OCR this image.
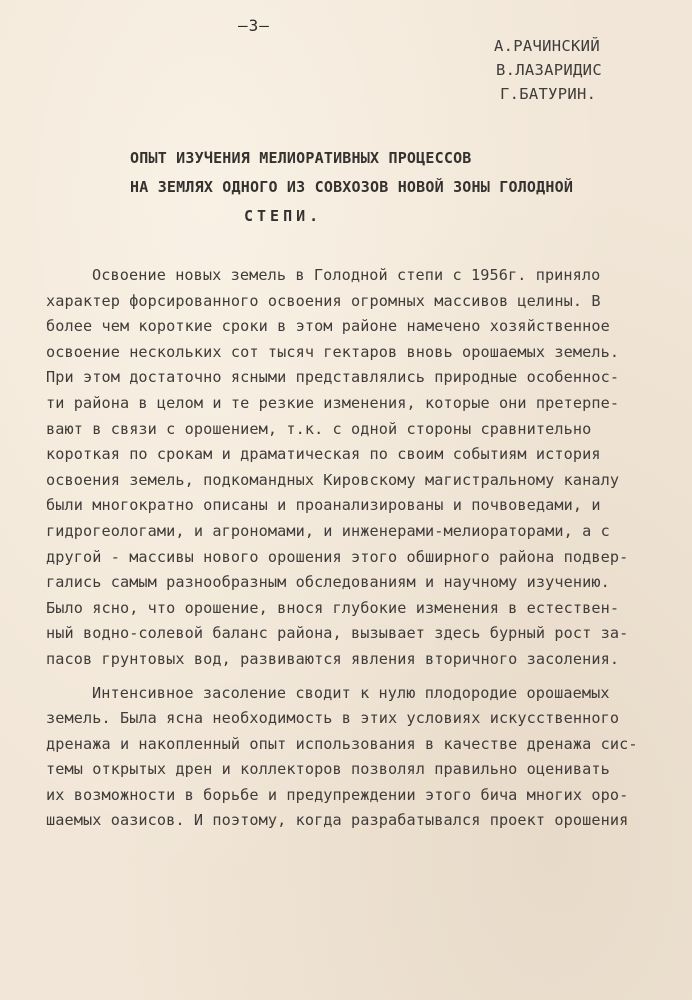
—3—
А.РАЧИНСКИЙ
В.ЛАЗАРИДИС
Г.БАТУРИН.
ОПЫТ ИЗУЧЕНИЯ МЕЛИОРАТИВНЫХ ПРОЦЕССОВ
НА ЗЕМЛЯХ ОДНОГО ИЗ СОВХОЗОВ НОВОЙ ЗОНЫ ГОЛОДНОЙ
СТЕПИ.
Освоение новых земель в Голодной степи с 1956г. приняло
характер форсированного освоения огромных массивов целины. В
более чем короткие сроки в этом районе намечено хозяйственное
освоение нескольких сот тысяч гектаров вновь орошаемых земель.
При этом достаточно ясными представлялись природные особеннос-
ти района в целом и те резкие изменения, которые они претерпе-
вают в связи с орошением, т.к. с одной стороны сравнительно
короткая по срокам и драматическая по своим событиям история
освоения земель, подкомандных Кировскому магистральному каналу
были многократно описаны и проанализированы и почвоведами, и
гидрогеологами, и агрономами, и инженерами-мелиораторами, а с
другой - массивы нового орошения этого обширного района подвер-
гались самым разнообразным обследованиям и научному изучению.
Было ясно, что орошение, внося глубокие изменения в естествен-
ный водно-солевой баланс района, вызывает здесь бурный рост за-
пасов грунтовых вод, развиваются явления вторичного засоления.
Интенсивное засоление сводит к нулю плодородие орошаемых
земель. Была ясна необходимость в этих условиях искусственного
дренажа и накопленный опыт использования в качестве дренажа сис-
темы открытых дрен и коллекторов позволял правильно оценивать
их возможности в борьбе и предупреждении этого бича многих оро-
шаемых оазисов. И поэтому, когда разрабатывался проект орошения
